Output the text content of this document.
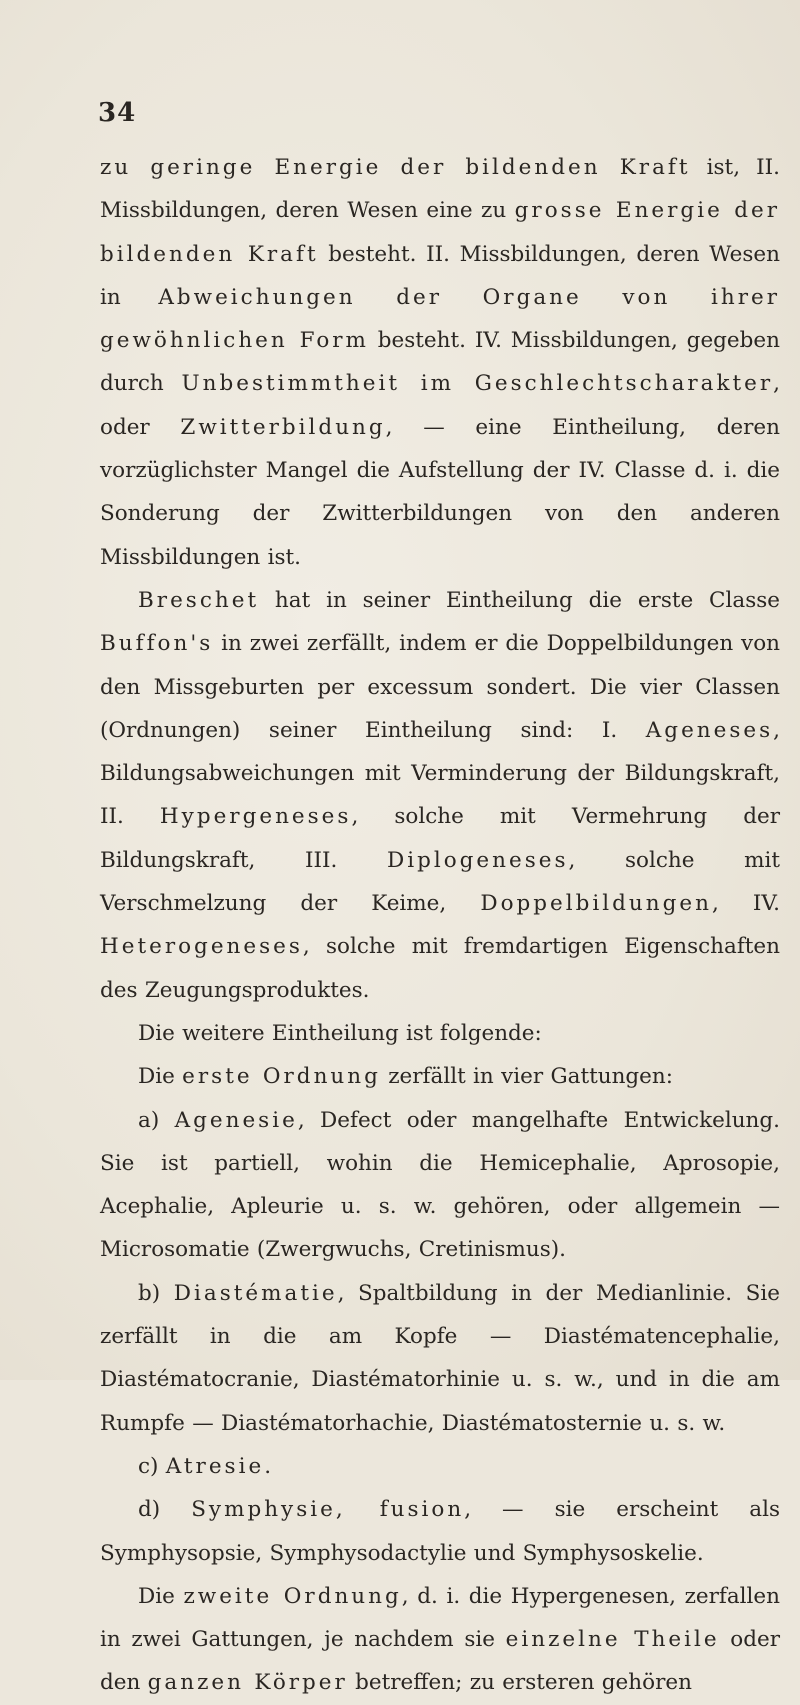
34

zu geringe Energie der bildenden Kraft ist, II. Missbildungen, deren Wesen eine zu grosse Energie der bildenden Kraft besteht. II. Missbildungen, deren Wesen in Abweichungen der Organe von ihrer gewöhnlichen Form besteht. IV. Missbildungen, gegeben durch Unbestimmtheit im Geschlechtscharakter, oder Zwitterbildung, — eine Eintheilung, deren vorzüglichster Mangel die Aufstellung der IV. Classe d. i. die Sonderung der Zwitterbildungen von den anderen Missbildungen ist.

Breschet hat in seiner Eintheilung die erste Classe Buffon's in zwei zerfällt, indem er die Doppelbildungen von den Missgeburten per excessum sondert. Die vier Classen (Ordnungen) seiner Eintheilung sind: I. Ageneses, Bildungsabweichungen mit Verminderung der Bildungskraft, II. Hypergeneses, solche mit Vermehrung der Bildungskraft, III. Diplogeneses, solche mit Verschmelzung der Keime, Doppelbildungen, IV. Heterogeneses, solche mit fremdartigen Eigenschaften des Zeugungsproduktes.

Die weitere Eintheilung ist folgende:

Die erste Ordnung zerfällt in vier Gattungen:

a) Agenesie, Defect oder mangelhafte Entwickelung. Sie ist partiell, wohin die Hemicephalie, Aprosopie, Acephalie, Apleurie u. s. w. gehören, oder allgemein — Microsomatie (Zwergwuchs, Cretinismus).

b) Diastématie, Spaltbildung in der Medianlinie. Sie zerfällt in die am Kopfe — Diastématencephalie, Diastématocranie, Diastématorhinie u. s. w., und in die am Rumpfe — Diastématorhachie, Diastématosternie u. s. w.

c) Atresie.

d) Symphysie, fusion, — sie erscheint als Symphysopsie, Symphysodactylie und Symphysoskelie.

Die zweite Ordnung, d. i. die Hypergenesen, zerfallen in zwei Gattungen, je nachdem sie einzelne Theile oder den ganzen Körper betreffen; zu ersteren gehören
